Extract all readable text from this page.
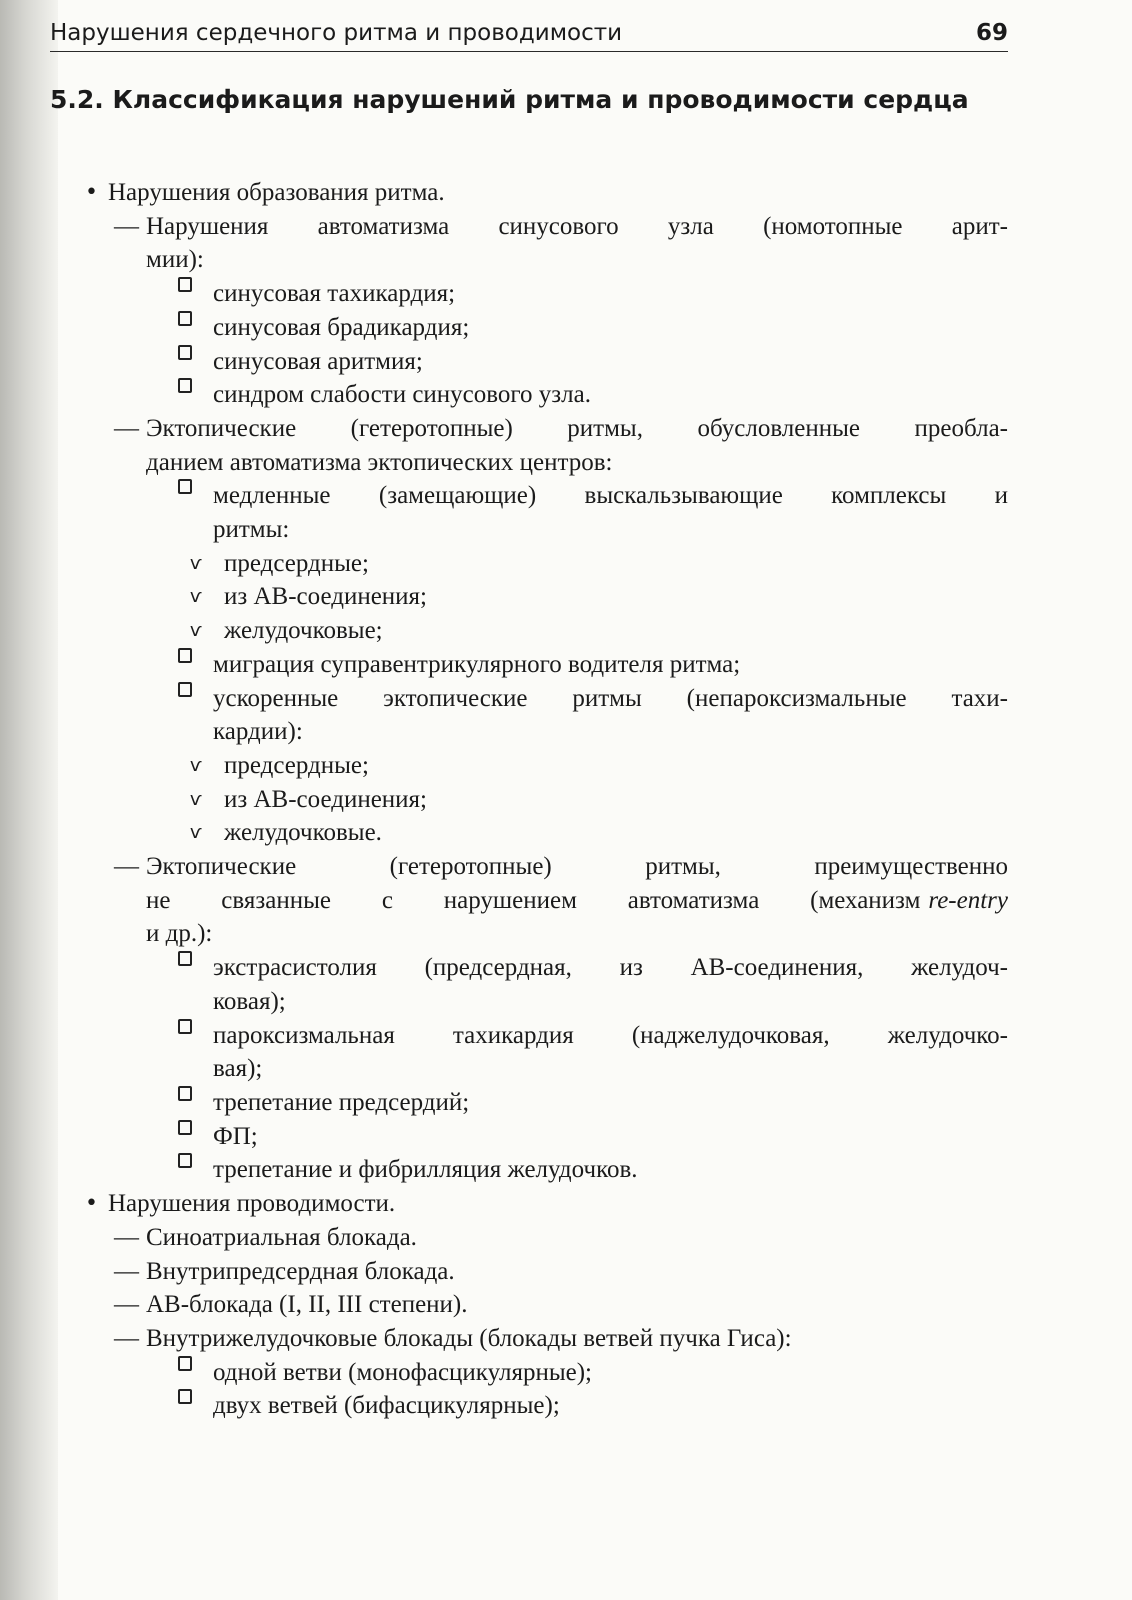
Нарушения сердечного ритма и проводимости	69
5.2. Классификация нарушений ритма и проводимости сердца
• Нарушения образования ритма.
— Нарушения автоматизма синусового узла (номотопные арит-
мии):
синусовая тахикардия;
синусовая брадикардия;
синусовая аритмия;
синдром слабости синусового узла.
— Эктопические (гетеротопные) ритмы, обусловленные преобла-
данием автоматизма эктопических центров:
медленные (замещающие) выскальзывающие комплексы и
ритмы:
ѵ предсердные;
ѵ из АВ-соединения;
ѵ желудочковые;
миграция суправентрикулярного водителя ритма;
ускоренные эктопические ритмы (непароксизмальные тахи-
кардии):
ѵ предсердные;
ѵ из АВ-соединения;
ѵ желудочковые.
— Эктопические (гетеротопные) ритмы, преимущественно
не связанные с нарушением автоматизма (механизм re-entry
и др.):
экстрасистолия (предсердная, из АВ-соединения, желудоч-
ковая);
пароксизмальная тахикардия (наджелудочковая, желудочко-
вая);
трепетание предсердий;
ФП;
трепетание и фибрилляция желудочков.
• Нарушения проводимости.
— Синоатриальная блокада.
— Внутрипредсердная блокада.
— АВ-блокада (I, II, III степени).
— Внутрижелудочковые блокады (блокады ветвей пучка Гиса):
одной ветви (монофасцикулярные);
двух ветвей (бифасцикулярные);
